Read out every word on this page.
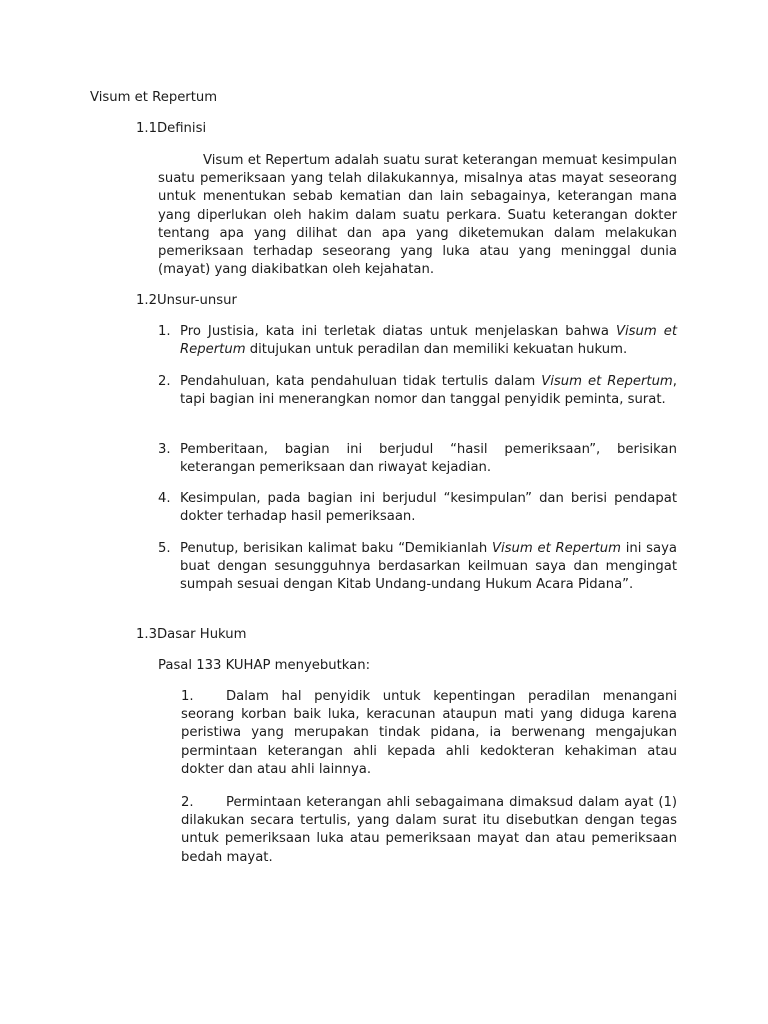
Visum et Repertum
1.1Definisi
Visum et Repertum adalah suatu surat keterangan memuat kesimpulan suatu pemeriksaan yang telah dilakukannya, misalnya atas mayat seseorang untuk menentukan sebab kematian dan lain sebagainya, keterangan mana yang diperlukan oleh hakim dalam suatu perkara. Suatu keterangan dokter tentang apa yang dilihat dan apa yang diketemukan dalam melakukan pemeriksaan terhadap seseorang yang luka atau yang meninggal dunia (mayat) yang diakibatkan oleh kejahatan.
1.2Unsur-unsur
1. Pro Justisia, kata ini terletak diatas untuk menjelaskan bahwa Visum et Repertum ditujukan untuk peradilan dan memiliki kekuatan hukum.
2. Pendahuluan, kata pendahuluan tidak tertulis dalam Visum et Repertum, tapi bagian ini menerangkan nomor dan tanggal penyidik peminta, surat.
3. Pemberitaan, bagian ini berjudul “hasil pemeriksaan”, berisikan keterangan pemeriksaan dan riwayat kejadian.
4. Kesimpulan, pada bagian ini berjudul “kesimpulan” dan berisi pendapat dokter terhadap hasil pemeriksaan.
5. Penutup, berisikan kalimat baku “Demikianlah Visum et Repertum ini saya buat dengan sesungguhnya berdasarkan keilmuan saya dan mengingat sumpah sesuai dengan Kitab Undang-undang Hukum Acara Pidana”.
1.3Dasar Hukum
Pasal 133 KUHAP menyebutkan:
1. Dalam hal penyidik untuk kepentingan peradilan menangani seorang korban baik luka, keracunan ataupun mati yang diduga karena peristiwa yang merupakan tindak pidana, ia berwenang mengajukan permintaan keterangan ahli kepada ahli kedokteran kehakiman atau dokter dan atau ahli lainnya.
2. Permintaan keterangan ahli sebagaimana dimaksud dalam ayat (1) dilakukan secara tertulis, yang dalam surat itu disebutkan dengan tegas untuk pemeriksaan luka atau pemeriksaan mayat dan atau pemeriksaan bedah mayat.
